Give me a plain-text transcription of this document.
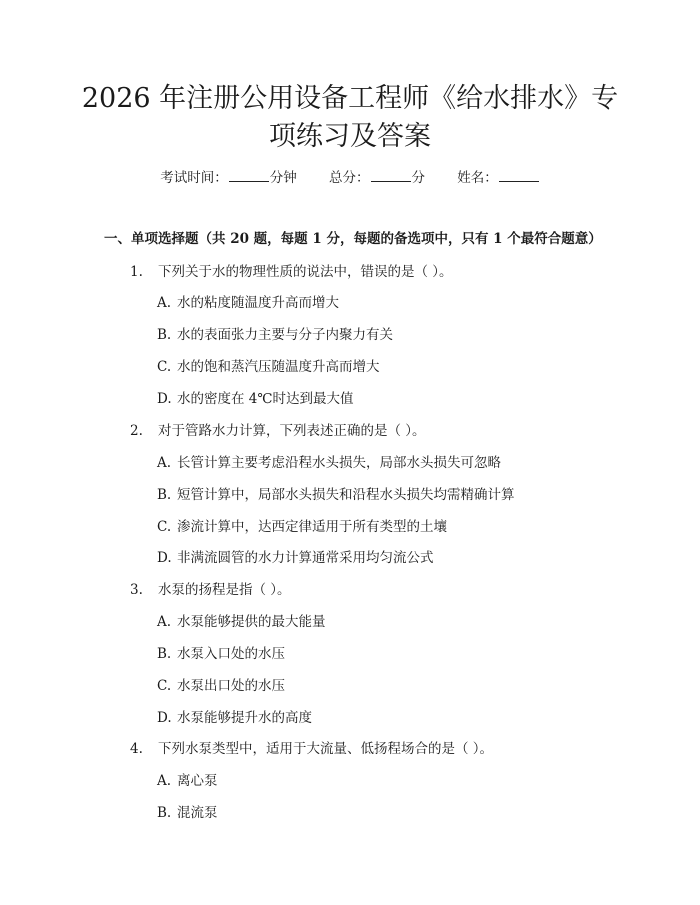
2026 年注册公用设备工程师《给水排水》专
项练习及答案
考试时间：	分钟 总分：	分 姓名：
一、单项选择题（共 20 题，每题 1 分，每题的备选项中，只有 1 个最符合题意）
1. 下列关于水的物理性质的说法中，错误的是（ ）。
A. 水的粘度随温度升高而增大
B. 水的表面张力主要与分子内聚力有关
C. 水的饱和蒸汽压随温度升高而增大
D. 水的密度在 4℃时达到最大值
2. 对于管路水力计算，下列表述正确的是（ ）。
A. 长管计算主要考虑沿程水头损失，局部水头损失可忽略
B. 短管计算中，局部水头损失和沿程水头损失均需精确计算
C. 渗流计算中，达西定律适用于所有类型的土壤
D. 非满流圆管的水力计算通常采用均匀流公式
3. 水泵的扬程是指（ ）。
A. 水泵能够提供的最大能量
B. 水泵入口处的水压
C. 水泵出口处的水压
D. 水泵能够提升水的高度
4. 下列水泵类型中，适用于大流量、低扬程场合的是（ ）。
A. 离心泵
B. 混流泵
